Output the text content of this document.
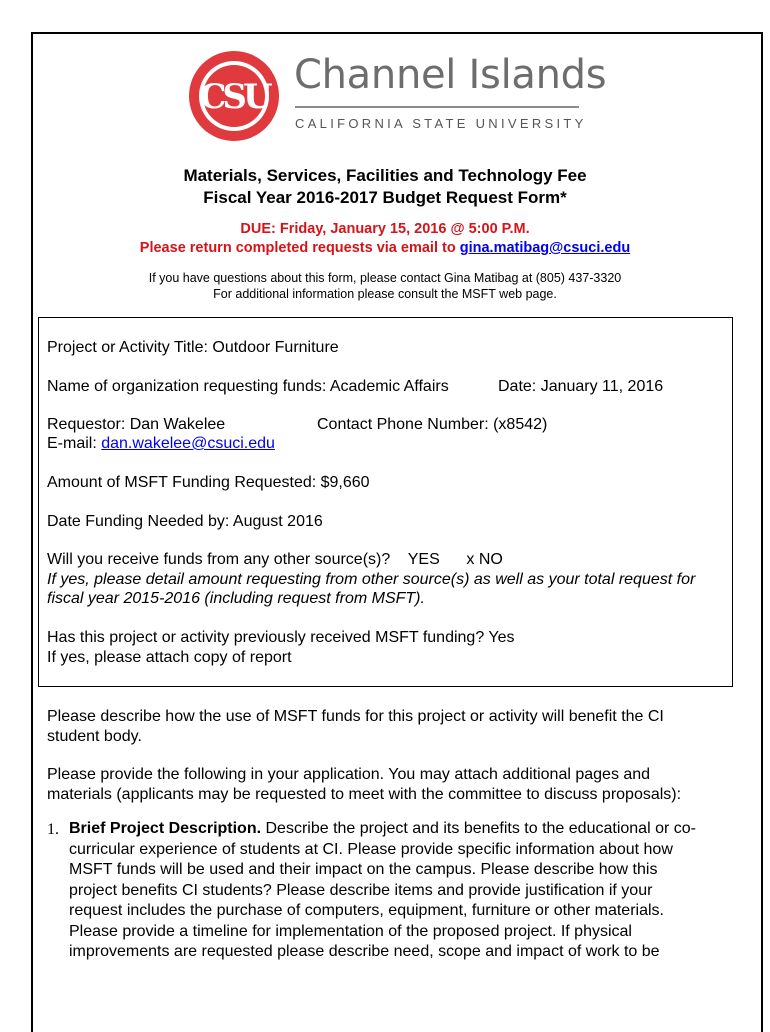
CSU Channel Islands
CALIFORNIA STATE UNIVERSITY
Materials, Services, Facilities and Technology Fee
Fiscal Year 2016-2017 Budget Request Form*
DUE: Friday, January 15, 2016 @ 5:00 P.M.
Please return completed requests via email to gina.matibag@csuci.edu
If you have questions about this form, please contact Gina Matibag at (805) 437-3320
For additional information please consult the MSFT web page.
Project or Activity Title: Outdoor Furniture
Name of organization requesting funds: Academic Affairs	Date: January 11, 2016
Requestor: Dan Wakelee	Contact Phone Number: (x8542)
E-mail: dan.wakelee@csuci.edu
Amount of MSFT Funding Requested: $9,660
Date Funding Needed by: August 2016
Will you receive funds from any other source(s)?    YES      x NO
If yes, please detail amount requesting from other source(s) as well as your total request for
fiscal year 2015-2016 (including request from MSFT).
Has this project or activity previously received MSFT funding? Yes
If yes, please attach copy of report
Please describe how the use of MSFT funds for this project or activity will benefit the CI
student body.
Please provide the following in your application. You may attach additional pages and
materials (applicants may be requested to meet with the committee to discuss proposals):
1. Brief Project Description. Describe the project and its benefits to the educational or co-
curricular experience of students at CI. Please provide specific information about how
MSFT funds will be used and their impact on the campus. Please describe how this
project benefits CI students? Please describe items and provide justification if your
request includes the purchase of computers, equipment, furniture or other materials.
Please provide a timeline for implementation of the proposed project. If physical
improvements are requested please describe need, scope and impact of work to be
